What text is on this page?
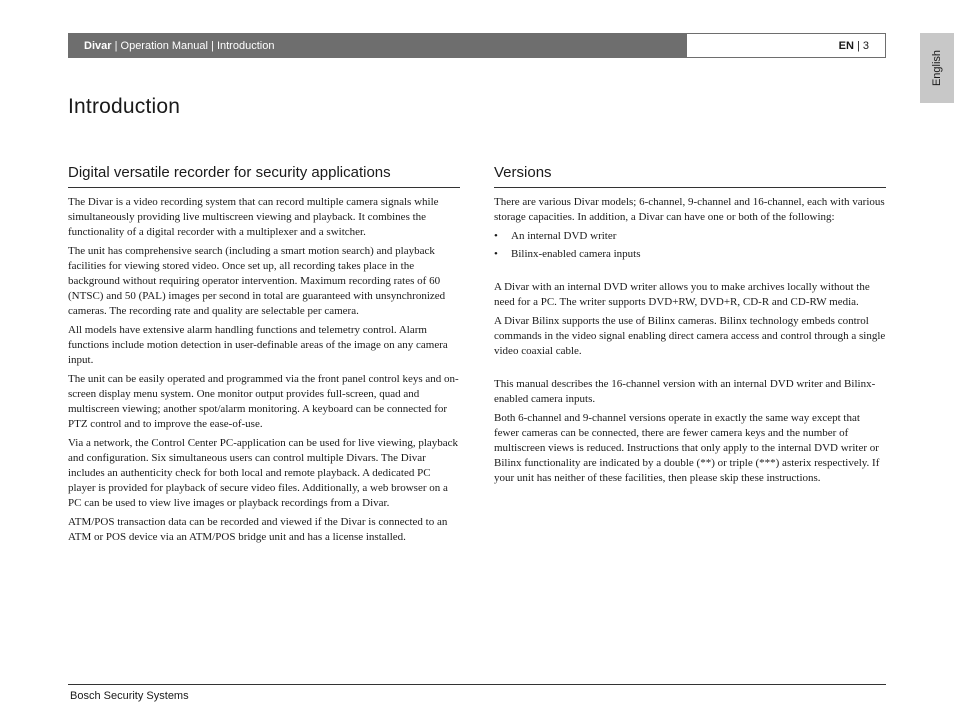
Divar | Operation Manual | Introduction	EN | 3
English
Introduction
Digital versatile recorder for security applications

The Divar is a video recording system that can record multiple camera signals while simultaneously providing live multiscreen viewing and playback. It combines the functionality of a digital recorder with a multiplexer and a switcher.

The unit has comprehensive search (including a smart motion search) and playback facilities for viewing stored video. Once set up, all recording takes place in the background without requiring operator intervention. Maximum recording rates of 60 (NTSC) and 50 (PAL) images per second in total are guaranteed with unsynchronized cameras. The recording rate and quality are selectable per camera.

All models have extensive alarm handling functions and telemetry control. Alarm functions include motion detection in user-definable areas of the image on any camera input.

The unit can be easily operated and programmed via the front panel control keys and on-screen display menu system. One monitor output provides full-screen, quad and multiscreen viewing; another spot/alarm monitoring. A keyboard can be connected for PTZ control and to improve the ease-of-use.

Via a network, the Control Center PC-application can be used for live viewing, playback and configuration. Six simultaneous users can control multiple Divars. The Divar includes an authenticity check for both local and remote playback. A dedicated PC player is provided for playback of secure video files. Additionally, a web browser on a PC can be used to view live images or playback recordings from a Divar.

ATM/POS transaction data can be recorded and viewed if the Divar is connected to an ATM or POS device via an ATM/POS bridge unit and has a license installed.

Versions

There are various Divar models; 6-channel, 9-channel and 16-channel, each with various storage capacities. In addition, a Divar can have one or both of the following:

• An internal DVD writer
• Bilinx-enabled camera inputs

A Divar with an internal DVD writer allows you to make archives locally without the need for a PC. The writer supports DVD+RW, DVD+R, CD-R and CD-RW media.

A Divar Bilinx supports the use of Bilinx cameras. Bilinx technology embeds control commands in the video signal enabling direct camera access and control through a single video coaxial cable.

This manual describes the 16-channel version with an internal DVD writer and Bilinx-enabled camera inputs.

Both 6-channel and 9-channel versions operate in exactly the same way except that fewer cameras can be connected, there are fewer camera keys and the number of multiscreen views is reduced. Instructions that only apply to the internal DVD writer or Bilinx functionality are indicated by a double (**) or triple (***) asterix respectively. If your unit has neither of these facilities, then please skip these instructions.

Bosch Security Systems
